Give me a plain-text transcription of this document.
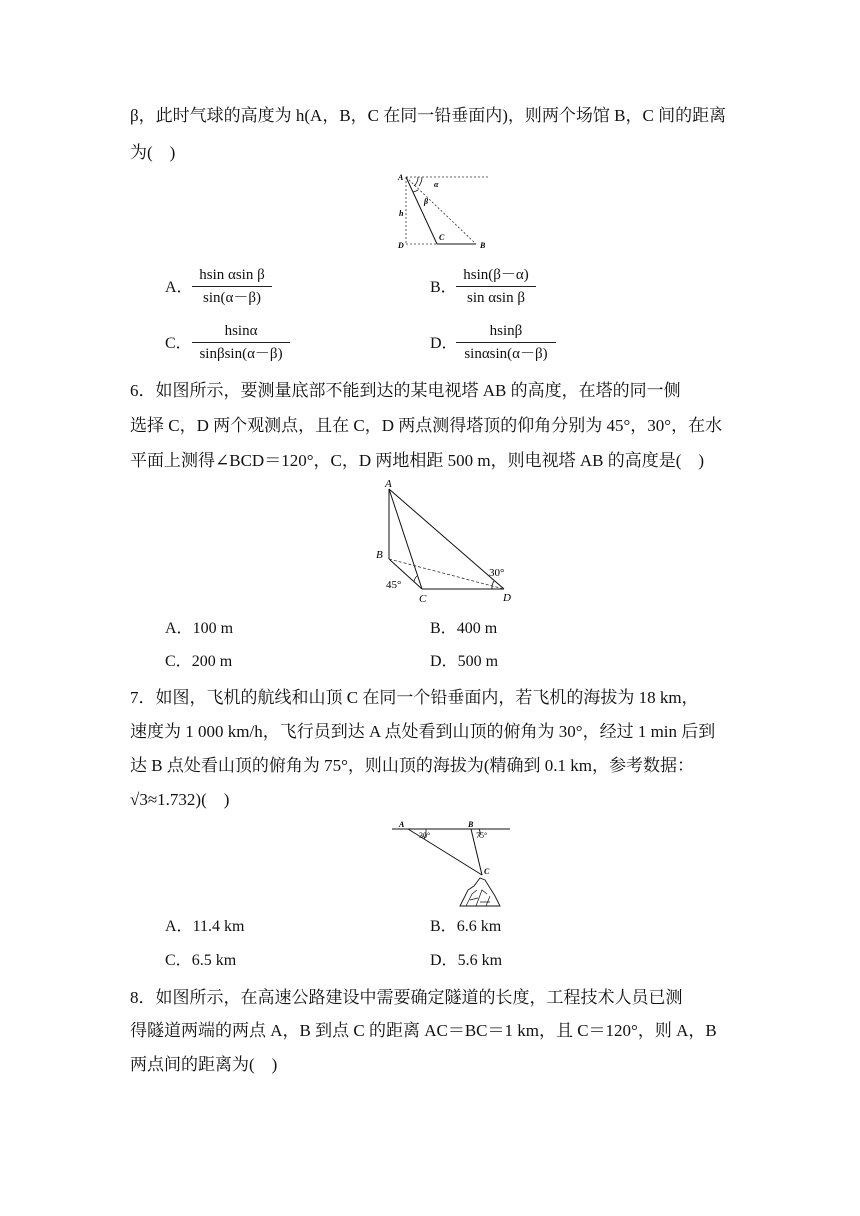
β，此时气球的高度为 h(A，B，C 在同一铅垂面内)，则两个场馆 B，C 间的距离
为(　)
A
α
β
h
C
D	B
A．
hsin αsin β
sin(α－β)
B．
hsin(β－α)
sin αsin β
C．
hsinα
sinβsin(α－β)
D．
hsinβ
sinαsin(α－β)
6．如图所示，要测量底部不能到达的某电视塔 AB 的高度，在塔的同一侧
选择 C，D 两个观测点，且在 C，D 两点测得塔顶的仰角分别为 45°，30°，在水
平面上测得∠BCD＝120°，C，D 两地相距 500 m，则电视塔 AB 的高度是(　)
A
B
45°
C
30°
D
A．100 m	B．400 m
C．200 m	D．500 m
7．如图，飞机的航线和山顶 C 在同一个铅垂面内，若飞机的海拔为 18 km，
速度为 1 000 km/h，飞行员到达 A 点处看到山顶的俯角为 30°，经过 1 min 后到
达 B 点处看山顶的俯角为 75°，则山顶的海拔为(精确到 0.1 km，参考数据：
√3≈1.732)(　)
A
30°
B
75°
C
A．11.4 km	B．6.6 km
C．6.5 km	D．5.6 km
8．如图所示，在高速公路建设中需要确定隧道的长度，工程技术人员已测
得隧道两端的两点 A，B 到点 C 的距离 AC＝BC＝1 km，且 C＝120°，则 A，B
两点间的距离为(　)
